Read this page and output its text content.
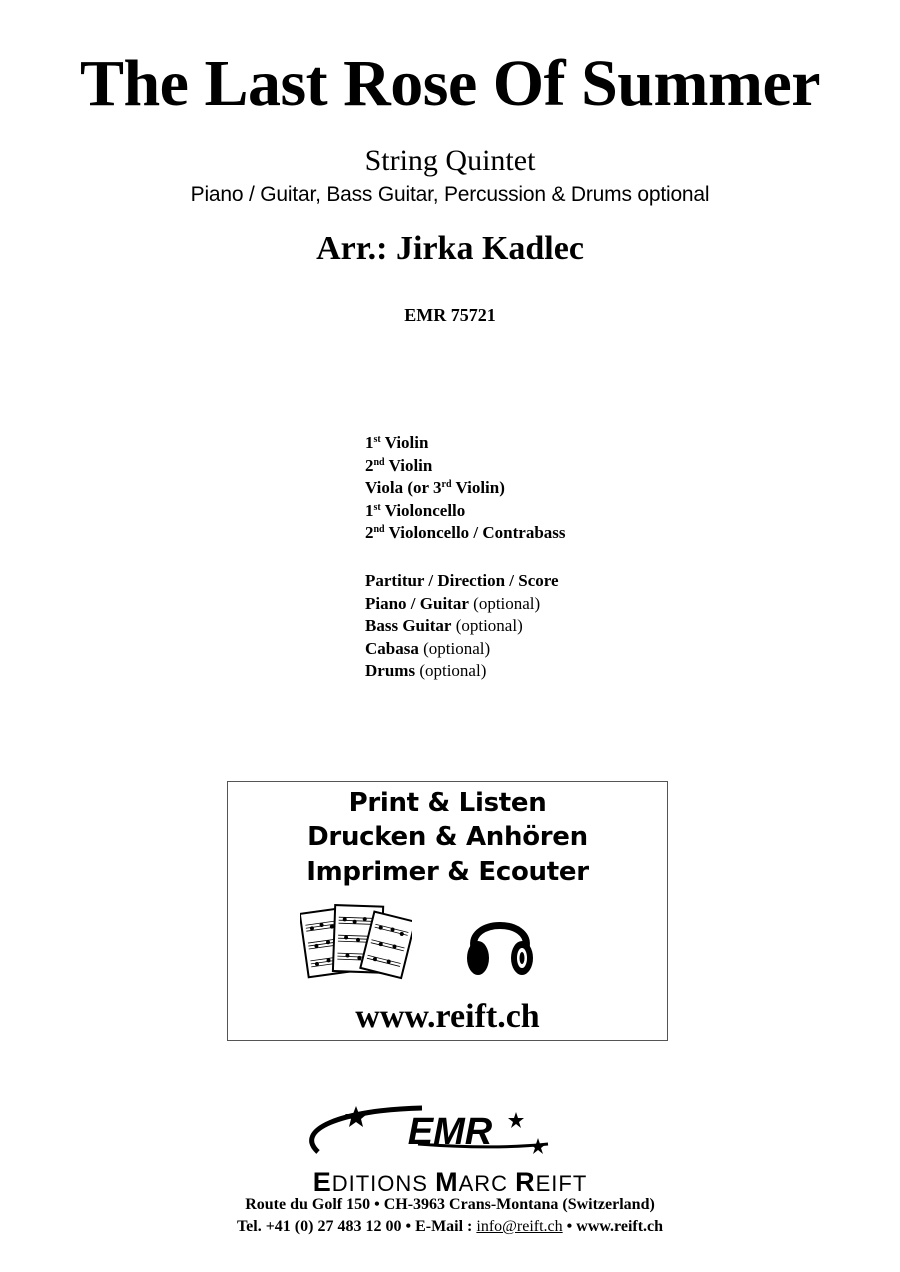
The Last Rose Of Summer
String Quintet
Piano / Guitar, Bass Guitar, Percussion & Drums optional
Arr.: Jirka Kadlec
EMR 75721
1st Violin
2nd Violin
Viola (or 3rd Violin)
1st Violoncello
2nd Violoncello / Contrabass
Partitur / Direction / Score
Piano / Guitar (optional)
Bass Guitar (optional)
Cabasa (optional)
Drums (optional)
Print & Listen
Drucken & Anhören
Imprimer & Ecouter
www.reift.ch
EMR
EDITIONS MARC REIFT
Route du Golf 150 • CH-3963 Crans-Montana (Switzerland)
Tel. +41 (0) 27 483 12 00 • E-Mail : info@reift.ch • www.reift.ch
